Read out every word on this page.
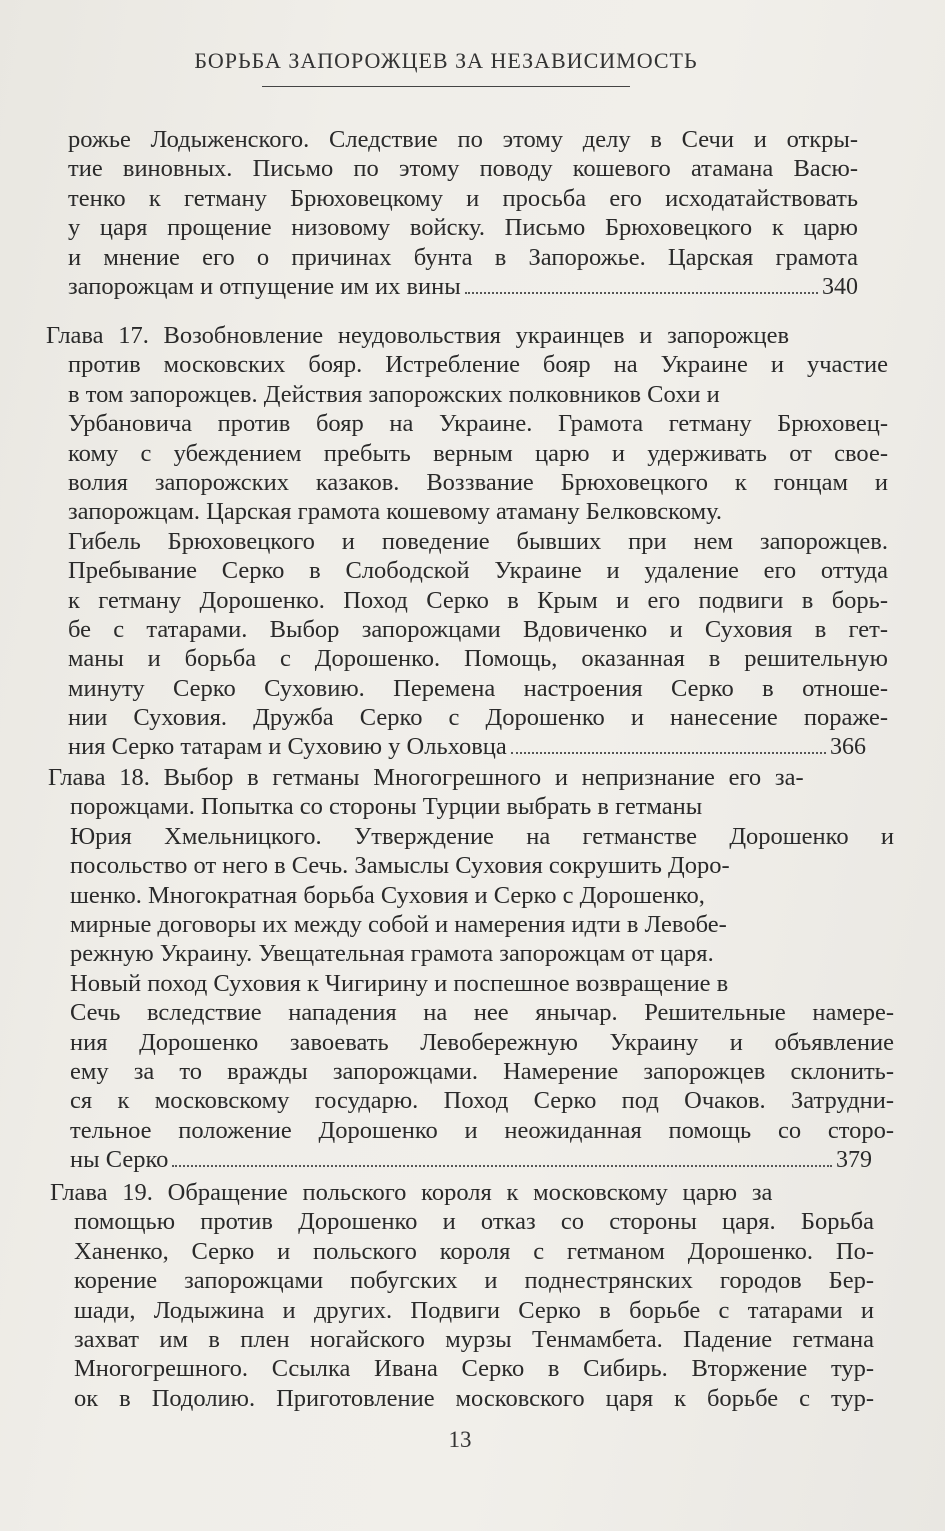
БОРЬБА ЗАПОРОЖЦЕВ ЗА НЕЗАВИСИМОСТЬ
рожье Лодыженского. Следствие по этому делу в Сечи и откры-
тие виновных. Письмо по этому поводу кошевого атамана Васю-
тенко к гетману Брюховецкому и просьба его исходатайствовать
у царя прощение низовому войску. Письмо Брюховецкого к царю
и мнение его о причинах бунта в Запорожье. Царская грамота
запорожцам и отпущение им их вины	340
Глава 17. Возобновление неудовольствия украинцев и запорожцев
против московских бояр. Истребление бояр на Украине и участие
в том запорожцев. Действия запорожских полковников Сохи и
Урбановича против бояр на Украине. Грамота гетману Брюховец-
кому с убеждением пребыть верным царю и удерживать от свое-
волия запорожских казаков. Воззвание Брюховецкого к гонцам и
запорожцам. Царская грамота кошевому атаману Белковскому.
Гибель Брюховецкого и поведение бывших при нем запорожцев.
Пребывание Серко в Слободской Украине и удаление его оттуда
к гетману Дорошенко. Поход Серко в Крым и его подвиги в борь-
бе с татарами. Выбор запорожцами Вдовиченко и Суховия в гет-
маны и борьба с Дорошенко. Помощь, оказанная в решительную
минуту Серко Суховию. Перемена настроения Серко в отноше-
нии Суховия. Дружба Серко с Дорошенко и нанесение пораже-
ния Серко татарам и Суховию у Ольховца	366
Глава 18. Выбор в гетманы Многогрешного и непризнание его за-
порожцами. Попытка со стороны Турции выбрать в гетманы
Юрия Хмельницкого. Утверждение на гетманстве Дорошенко и
посольство от него в Сечь. Замыслы Суховия сокрушить Доро-
шенко. Многократная борьба Суховия и Серко с Дорошенко,
мирные договоры их между собой и намерения идти в Левобе-
режную Украину. Увещательная грамота запорожцам от царя.
Новый поход Суховия к Чигирину и поспешное возвращение в
Сечь вследствие нападения на нее янычар. Решительные намере-
ния Дорошенко завоевать Левобережную Украину и объявление
ему за то вражды запорожцами. Намерение запорожцев склонить-
ся к московскому государю. Поход Серко под Очаков. Затрудни-
тельное положение Дорошенко и неожиданная помощь со сторо-
ны Серко	379
Глава 19. Обращение польского короля к московскому царю за
помощью против Дорошенко и отказ со стороны царя. Борьба
Ханенко, Серко и польского короля с гетманом Дорошенко. По-
корение запорожцами побугских и поднестрянских городов Бер-
шади, Лодыжина и других. Подвиги Серко в борьбе с татарами и
захват им в плен ногайского мурзы Тенмамбета. Падение гетмана
Многогрешного. Ссылка Ивана Серко в Сибирь. Вторжение тур-
ок в Подолию. Приготовление московского царя к борьбе с тур-
13
